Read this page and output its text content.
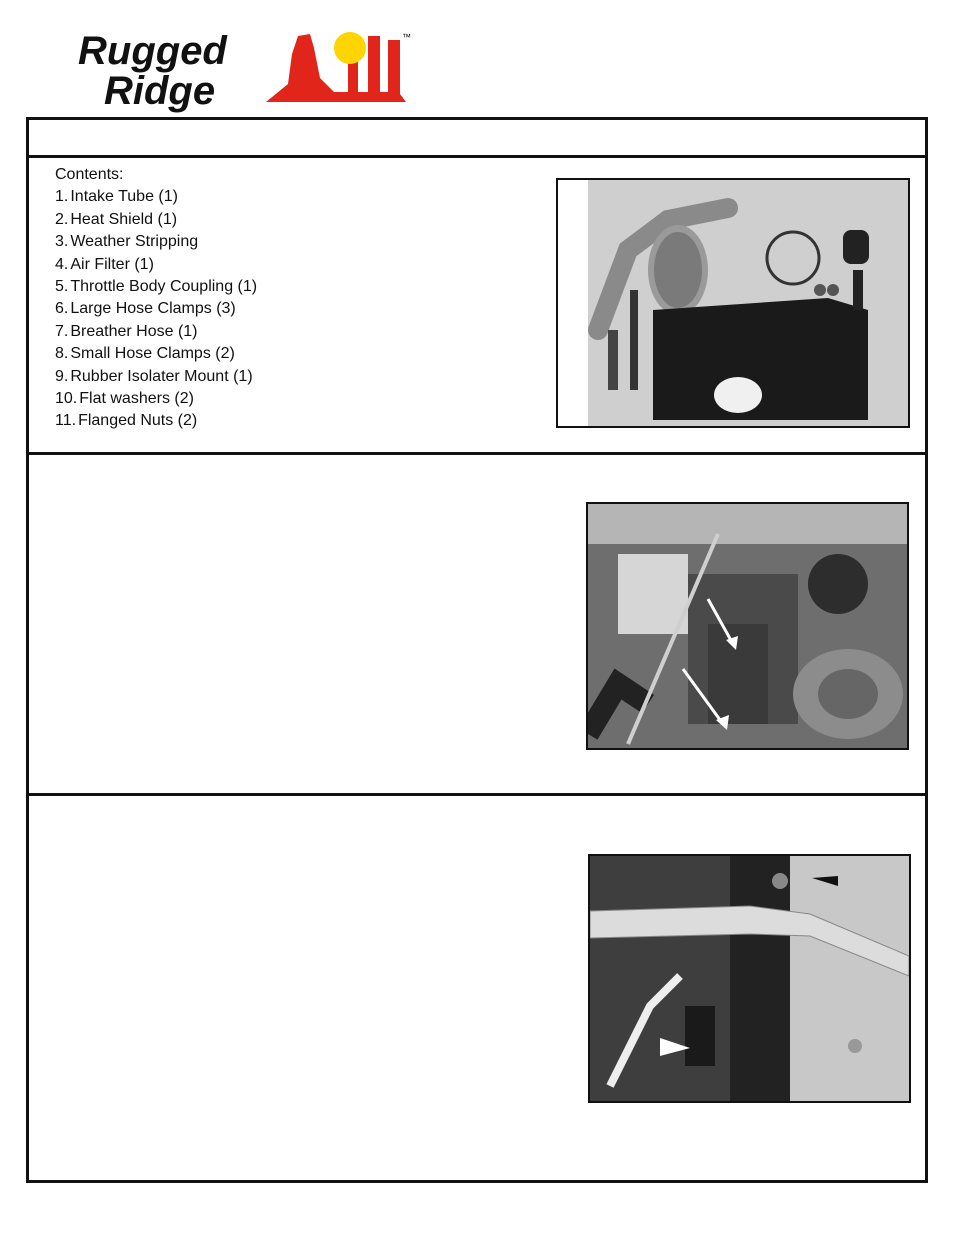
Rugged
Ridge
™
Contents:
1. Intake Tube (1)
2. Heat Shield (1)
3. Weather Stripping
4. Air Filter (1)
5. Throttle Body Coupling (1)
6. Large Hose Clamps (3)
7. Breather Hose (1)
8. Small Hose Clamps (2)
9. Rubber Isolater Mount (1)
10. Flat washers (2)
11. Flanged Nuts (2)
